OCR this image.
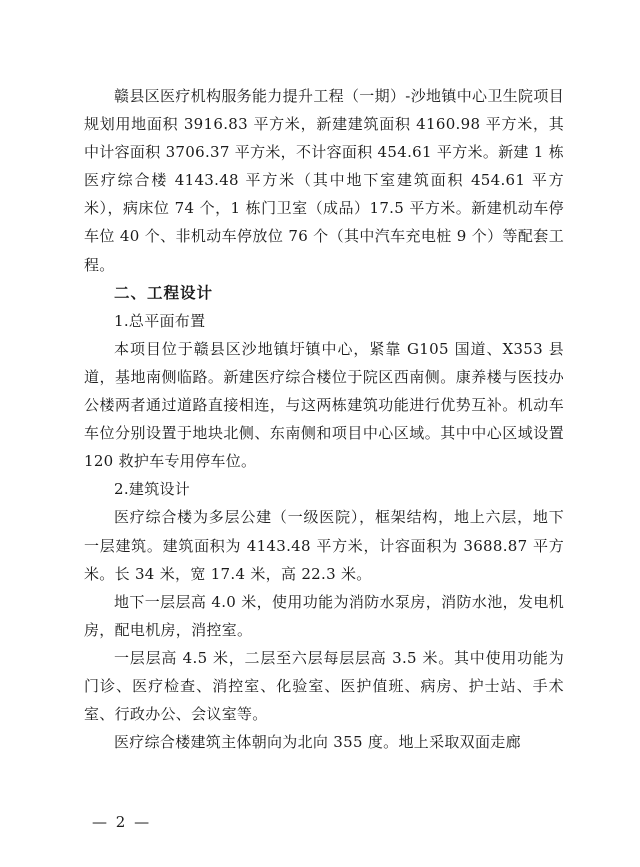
赣县区医疗机构服务能力提升工程（一期）-沙地镇中心卫生院项目规划用地面积 3916.83 平方米，新建建筑面积 4160.98 平方米，其中计容面积 3706.37 平方米，不计容面积 454.61 平方米。新建 1 栋医疗综合楼 4143.48 平方米（其中地下室建筑面积 454.61 平方米），病床位 74 个，1 栋门卫室（成品）17.5 平方米。新建机动车停车位 40 个、非机动车停放位 76 个（其中汽车充电桩 9 个）等配套工程。

二、工程设计

1.总平面布置

本项目位于赣县区沙地镇圩镇中心，紧靠 G105 国道、X353 县道，基地南侧临路。新建医疗综合楼位于院区西南侧。康养楼与医技办公楼两者通过道路直接相连，与这两栋建筑功能进行优势互补。机动车车位分别设置于地块北侧、东南侧和项目中心区域。其中中心区域设置 120 救护车专用停车位。

2.建筑设计

医疗综合楼为多层公建（一级医院），框架结构，地上六层，地下一层建筑。建筑面积为 4143.48 平方米，计容面积为 3688.87 平方米。长 34 米，宽 17.4 米，高 22.3 米。

地下一层层高 4.0 米，使用功能为消防水泵房，消防水池，发电机房，配电机房，消控室。

一层层高 4.5 米，二层至六层每层层高 3.5 米。其中使用功能为门诊、医疗检查、消控室、化验室、医护值班、病房、护士站、手术室、行政办公、会议室等。

医疗综合楼建筑主体朝向为北向 355 度。地上采取双面走廊

— 2 —
